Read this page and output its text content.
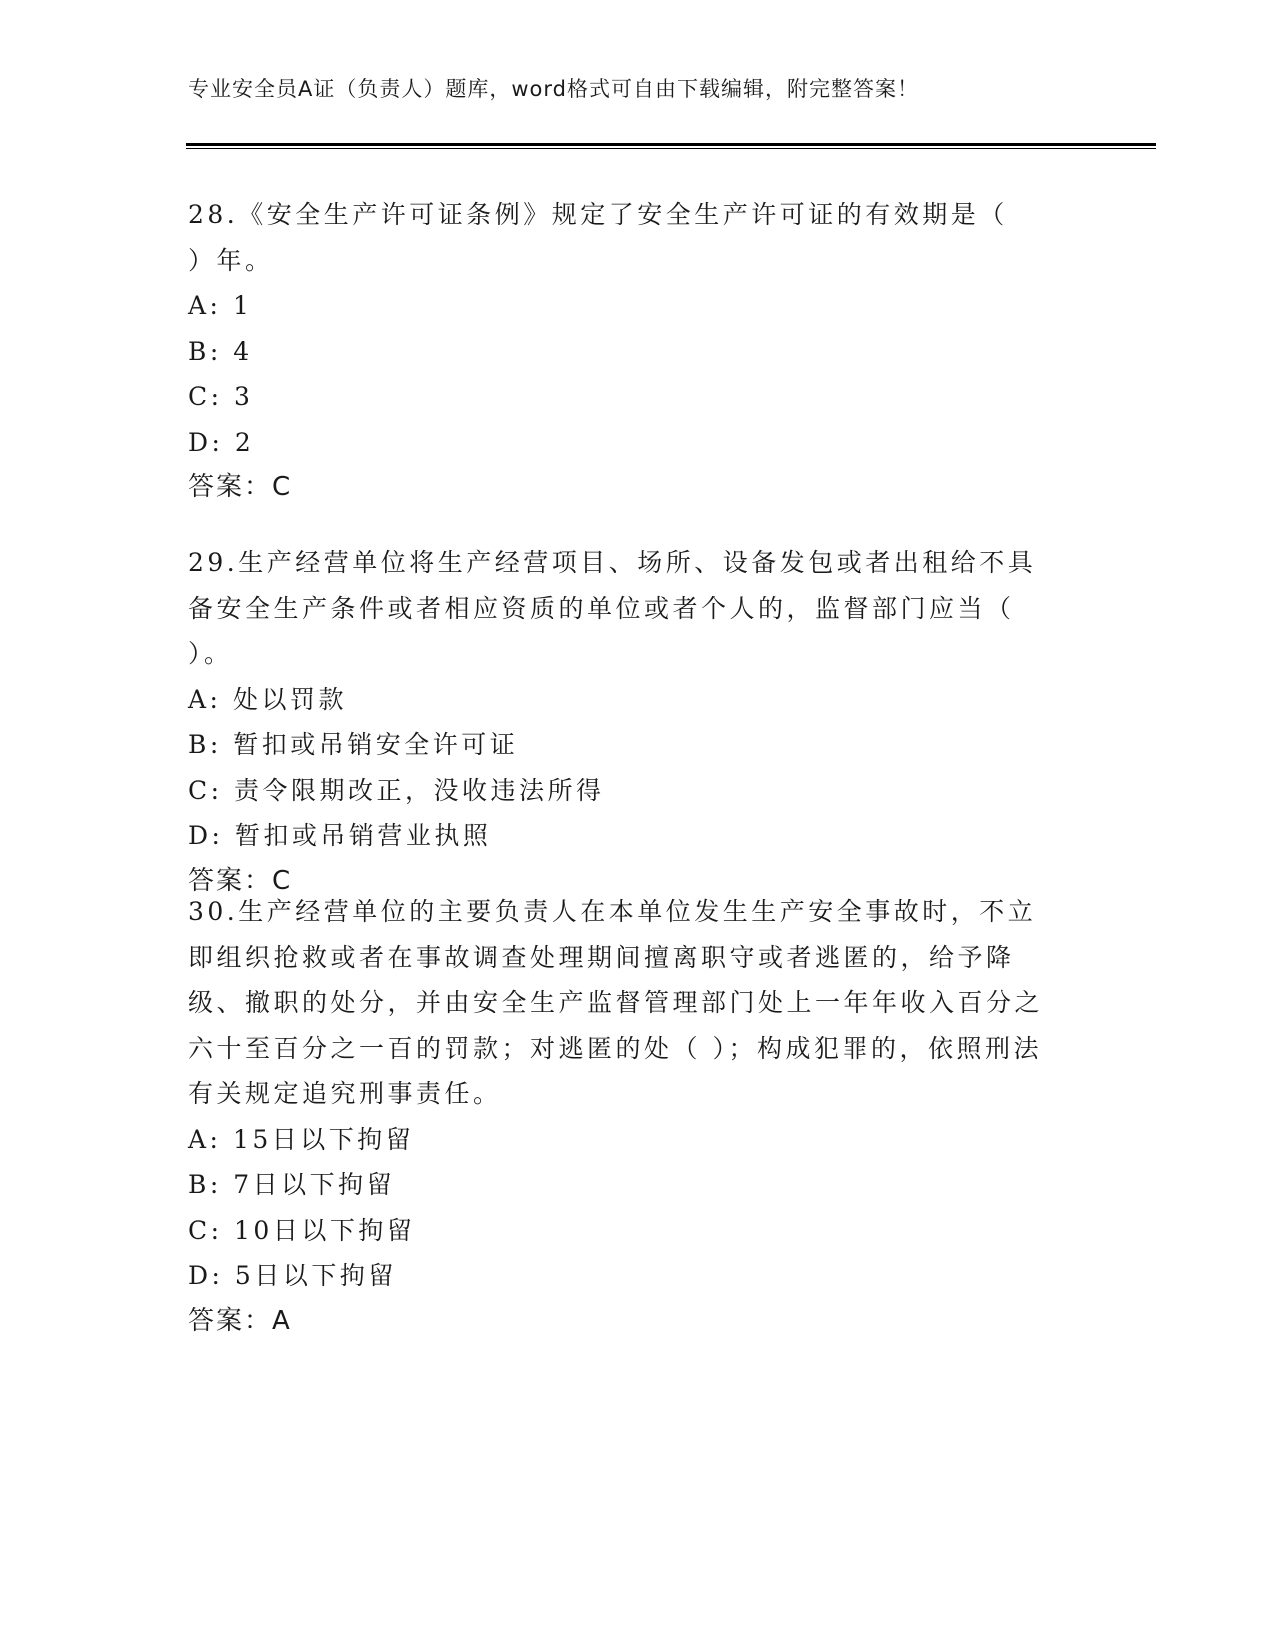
专业安全员A证（负责人）题库，word格式可自由下载编辑，附完整答案！

28.《安全生产许可证条例》规定了安全生产许可证的有效期是（ ）年。

A: 1
B: 4
C: 3
D: 2
答案：C

29.生产经营单位将生产经营项目、场所、设备发包或者出租给不具备安全生产条件或者相应资质的单位或者个人的，监督部门应当（ ）。

A: 处以罚款
B: 暂扣或吊销安全许可证
C: 责令限期改正，没收违法所得
D: 暂扣或吊销营业执照
答案：C

30.生产经营单位的主要负责人在本单位发生生产安全事故时，不立即组织抢救或者在事故调查处理期间擅离职守或者逃匿的，给予降级、撤职的处分，并由安全生产监督管理部门处上一年年收入百分之六十至百分之一百的罚款；对逃匿的处（ ）；构成犯罪的，依照刑法有关规定追究刑事责任。

A: 15日以下拘留
B: 7日以下拘留
C: 10日以下拘留
D: 5日以下拘留
答案：A
